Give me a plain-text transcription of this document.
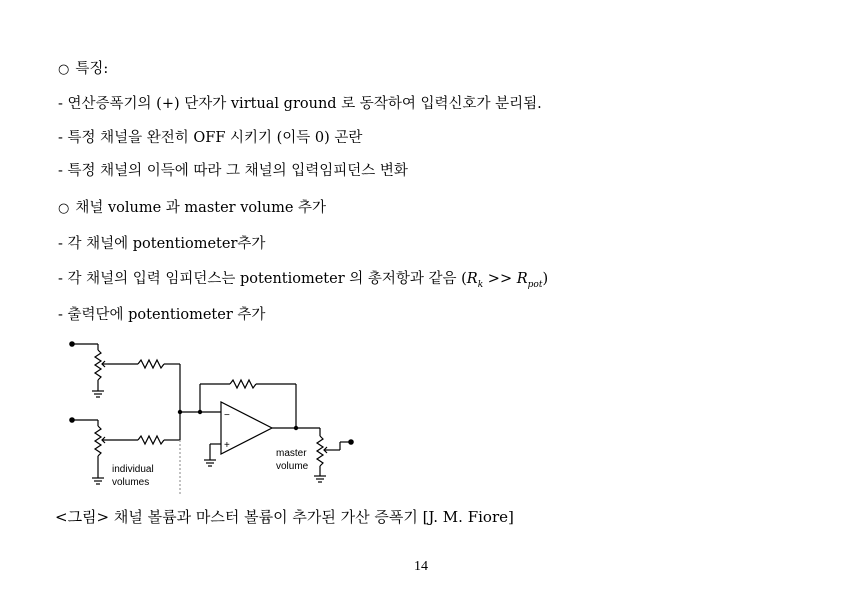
○ 특징:
- 연산증폭기의 (+) 단자가 virtual ground 로 동작하여 입력신호가 분리됨.
- 특정 채널을 완전히 OFF 시키기 (이득 0) 곤란
- 특정 채널의 이득에 따라 그 채널의 입력임피던스 변화
○ 채널 volume 과 master volume 추가
- 각 채널에 potentiometer추가
- 각 채널의 입력 임피던스는 potentiometer 의 총저항과 같음 $(R_k >> R_{pot})$
- 출력단에 potentiometer 추가
−
+
individual
volumes
master
volume
<그림> 채널 볼륨과 마스터 볼륨이 추가된 가산 증폭기 [J. M. Fiore]
14
